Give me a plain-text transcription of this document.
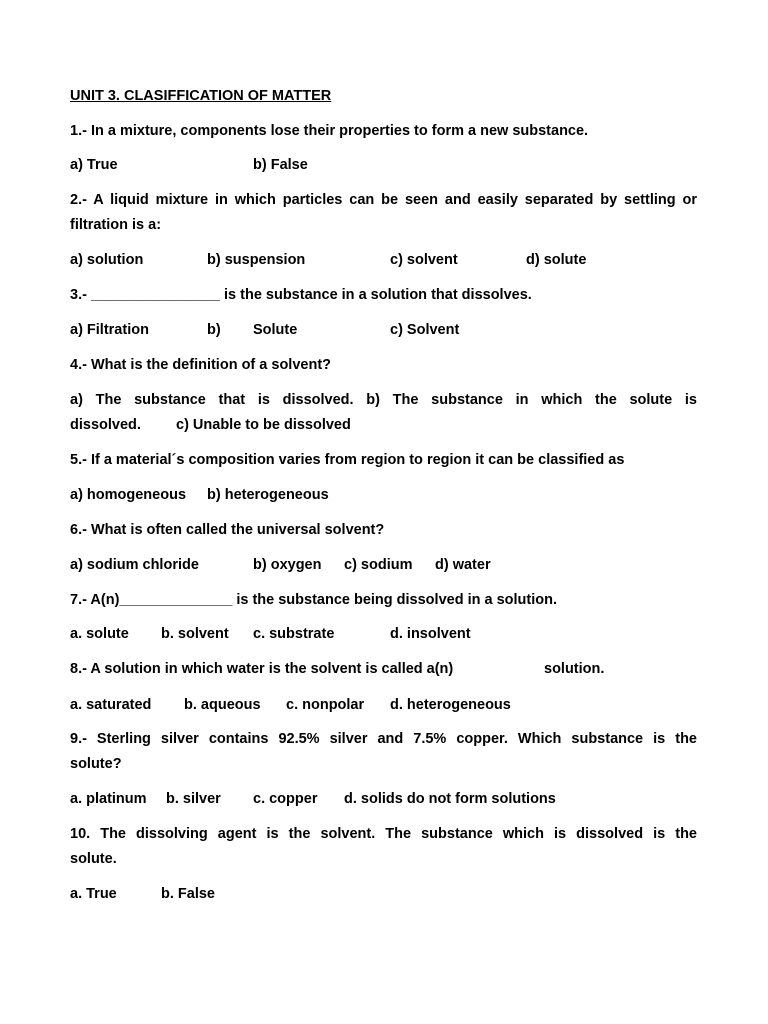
UNIT 3. CLASIFFICATION OF MATTER
1.- In a mixture, components lose their properties to form a new substance.
a) True	b) False
2.- A liquid mixture in which particles can be seen and easily separated by settling or
filtration is a:
a) solution	b) suspension	c) solvent	d) solute
3.- ________________ is the substance in a solution that dissolves.
a) Filtration	b) Solute	c) Solvent
4.- What is the definition of a solvent?
a) The substance that is dissolved. b) The substance in which the solute is
dissolved. c) Unable to be dissolved
5.- If a material´s composition varies from region to region it can be classified as
a) homogeneous b) heterogeneous
6.- What is often called the universal solvent?
a) sodium chloride	b) oxygen c) sodium d) water
7.- A(n)______________ is the substance being dissolved in a solution.
a. solute b. solvent c. substrate	d. insolvent
8.- A solution in which water is the solvent is called a(n)	solution.
a. saturated b. aqueous c. nonpolar d. heterogeneous
9.- Sterling silver contains 92.5% silver and 7.5% copper. Which substance is the
solute?
a. platinum b. silver c. copper d. solids do not form solutions
10. The dissolving agent is the solvent. The substance which is dissolved is the
solute.
a. True	b. False
